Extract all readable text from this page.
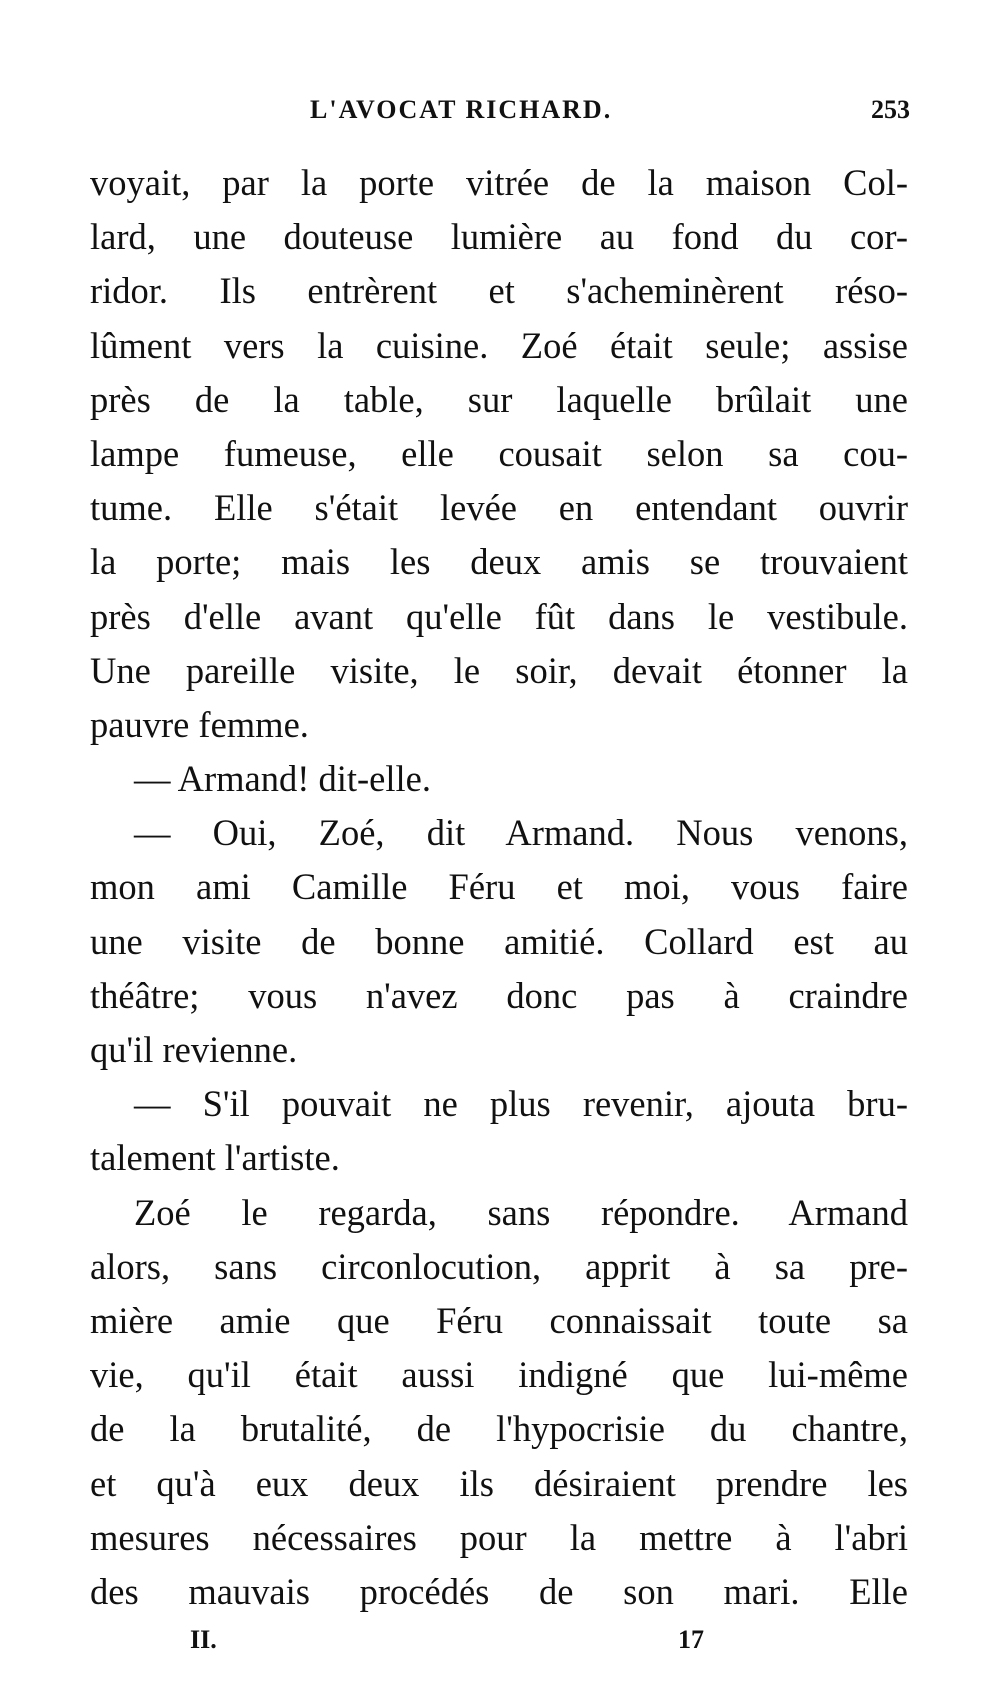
L'AVOCAT RICHARD.	253
voyait, par la porte vitrée de la maison Col-
lard, une douteuse lumière au fond du cor-
ridor. Ils entrèrent et s'acheminèrent réso-
lûment vers la cuisine. Zoé était seule; assise
près de la table, sur laquelle brûlait une
lampe fumeuse, elle cousait selon sa cou-
tume. Elle s'était levée en entendant ouvrir
la porte; mais les deux amis se trouvaient
près d'elle avant qu'elle fût dans le vestibule.
Une pareille visite, le soir, devait étonner la
pauvre femme.
— Armand! dit-elle.
— Oui, Zoé, dit Armand. Nous venons,
mon ami Camille Féru et moi, vous faire
une visite de bonne amitié. Collard est au
théâtre; vous n'avez donc pas à craindre
qu'il revienne.
— S'il pouvait ne plus revenir, ajouta bru-
talement l'artiste.
Zoé le regarda, sans répondre. Armand
alors, sans circonlocution, apprit à sa pre-
mière amie que Féru connaissait toute sa
vie, qu'il était aussi indigné que lui-même
de la brutalité, de l'hypocrisie du chantre,
et qu'à eux deux ils désiraient prendre les
mesures nécessaires pour la mettre à l'abri
des mauvais procédés de son mari. Elle
II.	17
